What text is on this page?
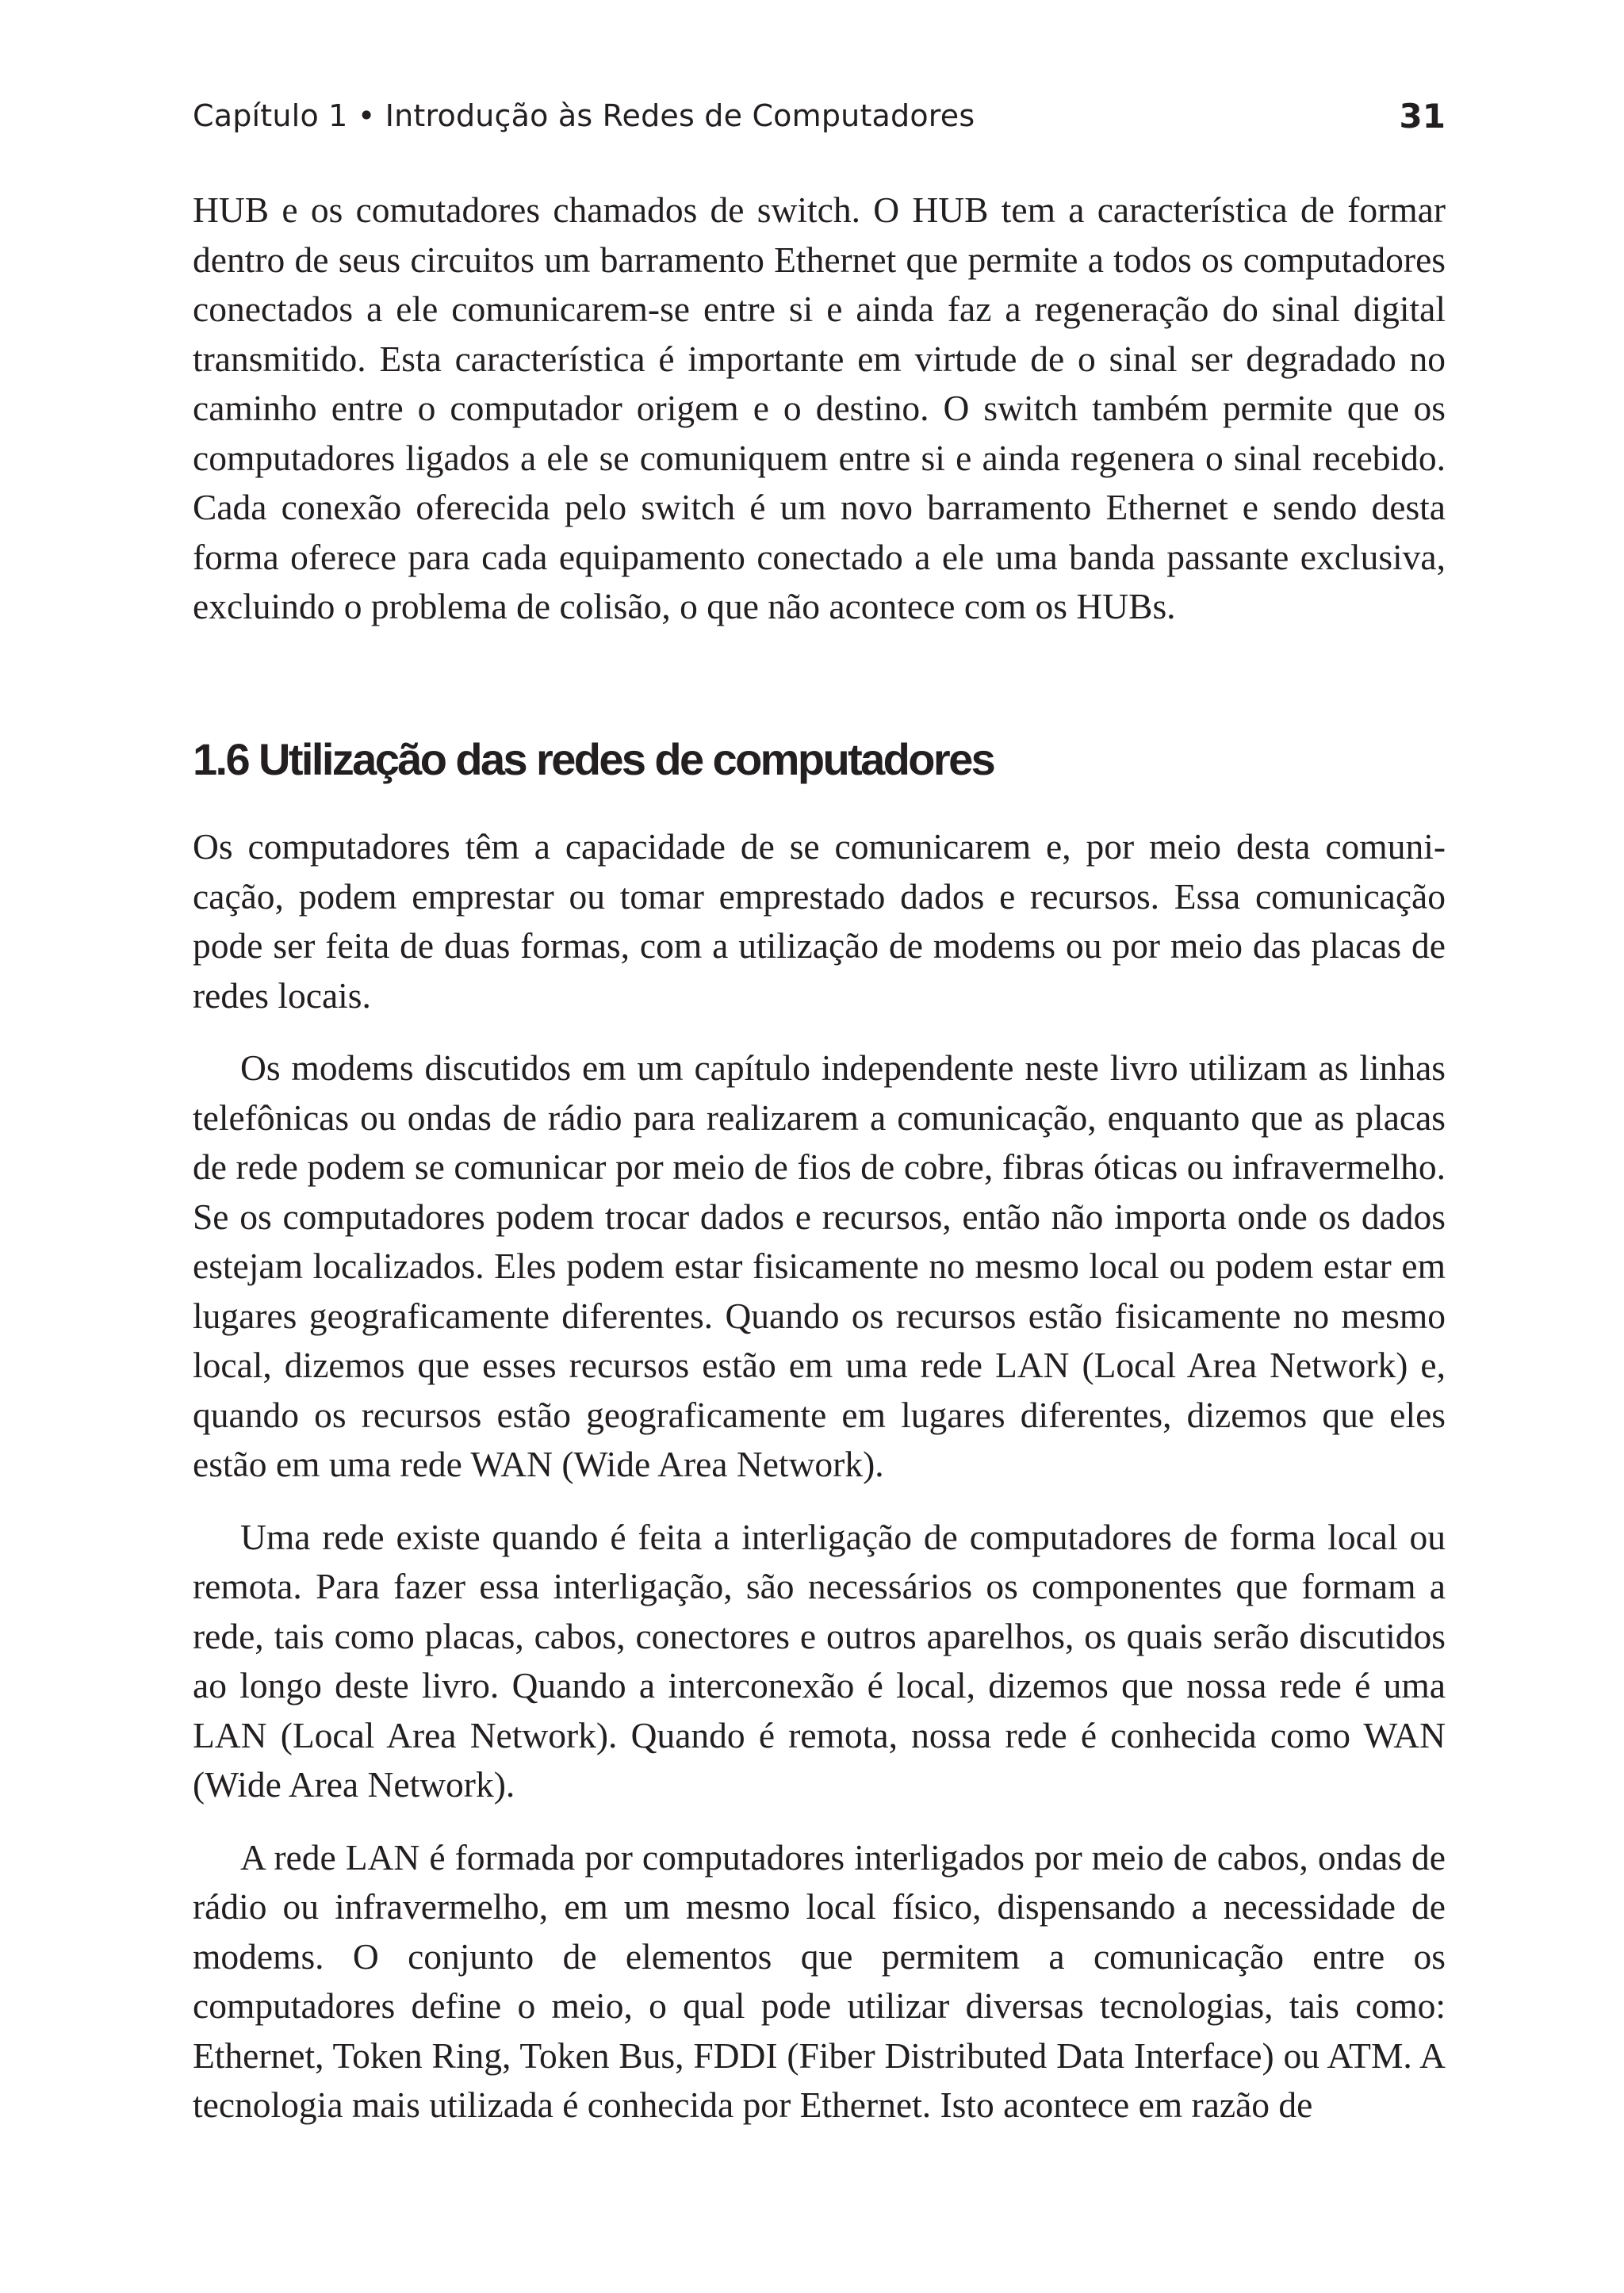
Capítulo 1 • Introdução às Redes de Computadores	31

HUB e os comutadores chamados de switch. O HUB tem a característica de formar dentro de seus circuitos um barramento Ethernet que permite a todos os computadores conectados a ele comunicarem-se entre si e ainda faz a regeneração do sinal digital transmitido. Esta característica é importante em virtude de o sinal ser degradado no caminho entre o computador origem e o destino. O switch também permite que os computadores ligados a ele se comuniquem entre si e ainda regenera o sinal recebido. Cada conexão oferecida pelo switch é um novo barramento Ethernet e sendo desta forma oferece para cada equipamento conectado a ele uma banda passante exclusiva, excluindo o problema de colisão, o que não acontece com os HUBs.

1.6 Utilização das redes de computadores

Os computadores têm a capacidade de se comunicarem e, por meio desta comunicação, podem emprestar ou tomar emprestado dados e recursos. Essa comunicação pode ser feita de duas formas, com a utilização de modems ou por meio das placas de redes locais.

Os modems discutidos em um capítulo independente neste livro utilizam as linhas telefônicas ou ondas de rádio para realizarem a comunicação, enquanto que as placas de rede podem se comunicar por meio de fios de cobre, fibras óticas ou infravermelho. Se os computadores podem trocar dados e recursos, então não importa onde os dados estejam localizados. Eles podem estar fisicamente no mesmo local ou podem estar em lugares geograficamente diferentes. Quando os recursos estão fisicamente no mesmo local, dizemos que esses recursos estão em uma rede LAN (Local Area Network) e, quando os recursos estão geograficamente em lugares diferentes, dizemos que eles estão em uma rede WAN (Wide Area Network).

Uma rede existe quando é feita a interligação de computadores de forma local ou remota. Para fazer essa interligação, são necessários os componentes que formam a rede, tais como placas, cabos, conectores e outros aparelhos, os quais serão discutidos ao longo deste livro. Quando a interconexão é local, dizemos que nossa rede é uma LAN (Local Area Network). Quando é remota, nossa rede é conhecida como WAN (Wide Area Network).

A rede LAN é formada por computadores interligados por meio de cabos, ondas de rádio ou infravermelho, em um mesmo local físico, dispensando a necessidade de modems. O conjunto de elementos que permitem a comunicação entre os computadores define o meio, o qual pode utilizar diversas tecnologias, tais como: Ethernet, Token Ring, Token Bus, FDDI (Fiber Distributed Data Interface) ou ATM. A tecnologia mais utilizada é conhecida por Ethernet. Isto acontece em razão de
